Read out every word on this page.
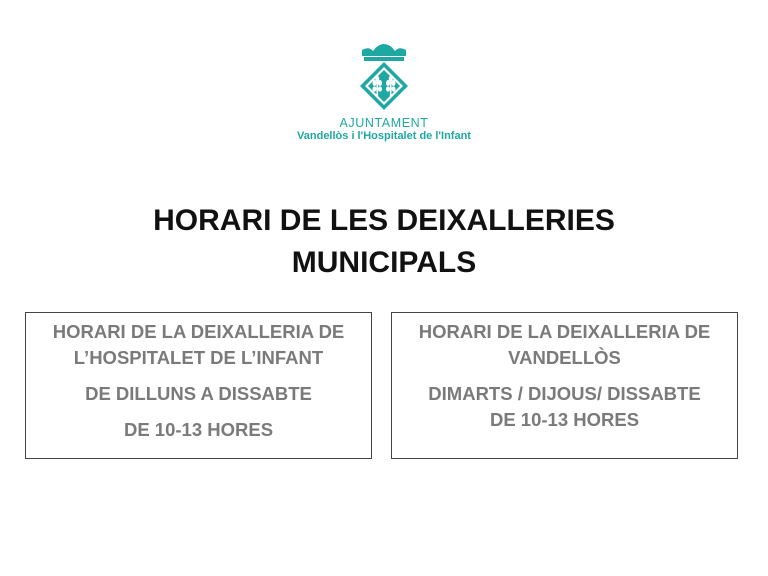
AJUNTAMENT
Vandellòs i l'Hospitalet de l'Infant
HORARI DE LES DEIXALLERIES
MUNICIPALS

HORARI DE LA DEIXALLERIA DE

L’HOSPITALET DE L’INFANT

DE DILLUNS A DISSABTE

DE 10-13 HORES

HORARI DE LA DEIXALLERIA DE

VANDELLÒS

DIMARTS / DIJOUS/ DISSABTE

DE 10-13 HORES
